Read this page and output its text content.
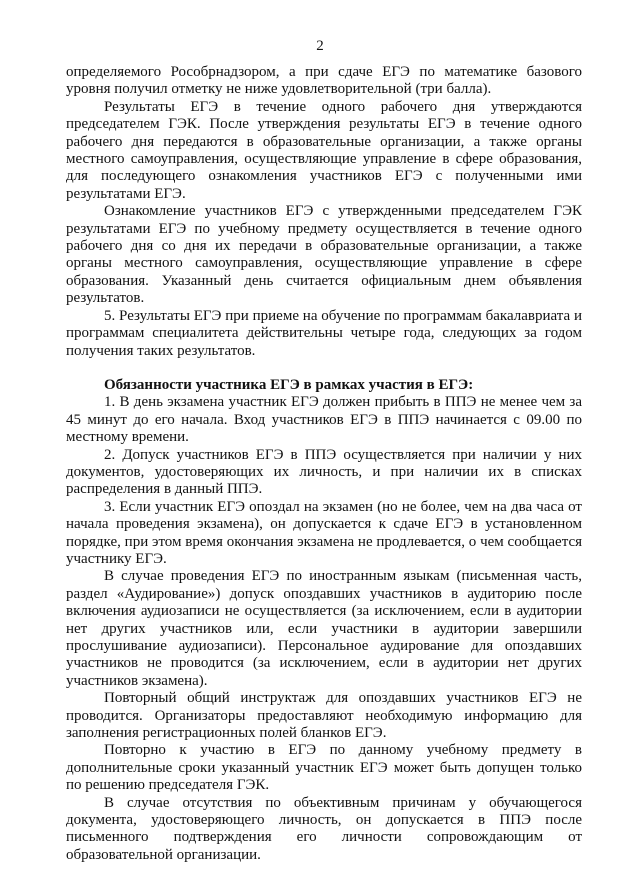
2

определяемого Рособрнадзором, а при сдаче ЕГЭ по математике базового уровня получил отметку не ниже удовлетворительной (три балла).

Результаты ЕГЭ в течение одного рабочего дня утверждаются председателем ГЭК. После утверждения результаты ЕГЭ в течение одного рабочего дня передаются в образовательные организации, а также органы местного самоуправления, осуществляющие управление в сфере образования, для последующего ознакомления участников ЕГЭ с полученными ими результатами ЕГЭ.

Ознакомление участников ЕГЭ с утвержденными председателем ГЭК результатами ЕГЭ по учебному предмету осуществляется в течение одного рабочего дня со дня их передачи в образовательные организации, а также органы местного самоуправления, осуществляющие управление в сфере образования. Указанный день считается официальным днем объявления результатов.

5. Результаты ЕГЭ при приеме на обучение по программам бакалавриата и программам специалитета действительны четыре года, следующих за годом получения таких результатов.

Обязанности участника ЕГЭ в рамках участия в ЕГЭ:

1. В день экзамена участник ЕГЭ должен прибыть в ППЭ не менее чем за 45 минут до его начала. Вход участников ЕГЭ в ППЭ начинается с 09.00 по местному времени.

2. Допуск участников ЕГЭ в ППЭ осуществляется при наличии у них документов, удостоверяющих их личность, и при наличии их в списках распределения в данный ППЭ.

3. Если участник ЕГЭ опоздал на экзамен (но не более, чем на два часа от начала проведения экзамена), он допускается к сдаче ЕГЭ в установленном порядке, при этом время окончания экзамена не продлевается, о чем сообщается участнику ЕГЭ.

В случае проведения ЕГЭ по иностранным языкам (письменная часть, раздел «Аудирование») допуск опоздавших участников в аудиторию после включения аудиозаписи не осуществляется (за исключением, если в аудитории нет других участников или, если участники в аудитории завершили прослушивание аудиозаписи). Персональное аудирование для опоздавших участников не проводится (за исключением, если в аудитории нет других участников экзамена).

Повторный общий инструктаж для опоздавших участников ЕГЭ не проводится. Организаторы предоставляют необходимую информацию для заполнения регистрационных полей бланков ЕГЭ.

Повторно к участию в ЕГЭ по данному учебному предмету в дополнительные сроки указанный участник ЕГЭ может быть допущен только по решению председателя ГЭК.

В случае отсутствия по объективным причинам у обучающегося документа, удостоверяющего личность, он допускается в ППЭ после письменного подтверждения его личности сопровождающим от образовательной организации.
